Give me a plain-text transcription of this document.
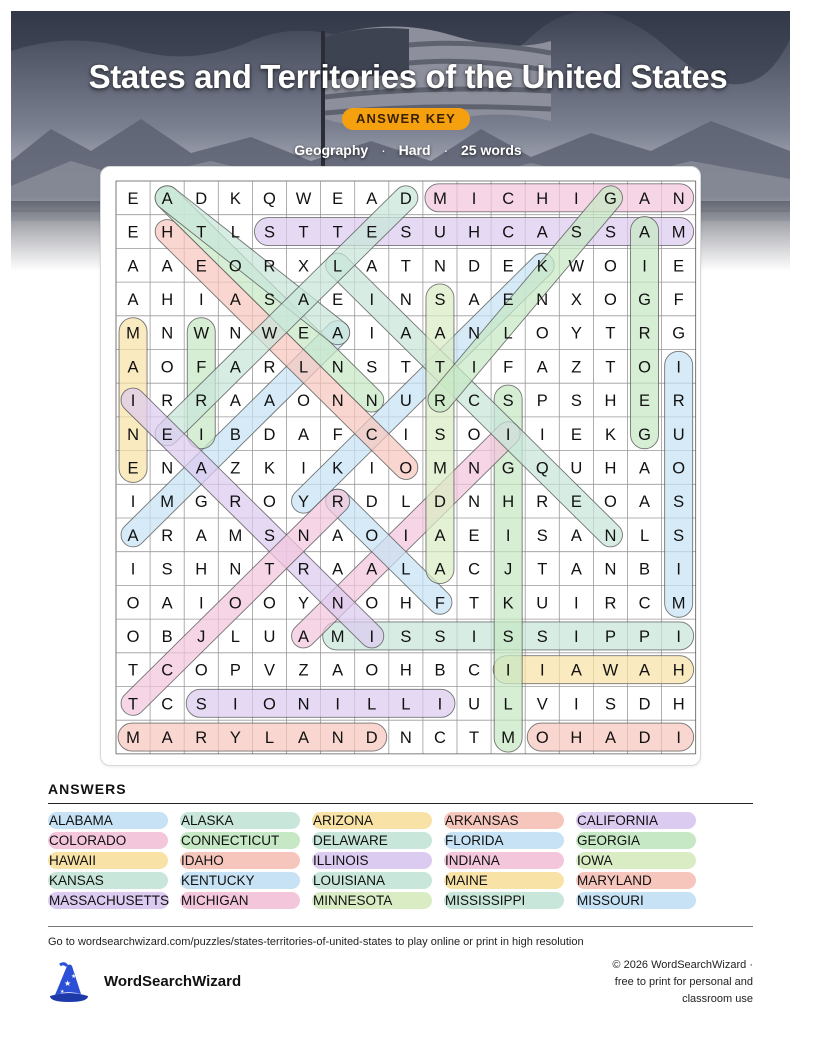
States and Territories of the United States
ANSWER KEY
Geography · Hard · 25 words
E A D K Q W E A D M I C H I G A N
E H T L S T T E S U H C A S S A M
A A E O R X L A T N D E K W O I E
A H I A S A E I N S A E N X O G F
M N W N W E A I A A N L O Y T R G
A O F A R L N S T T I F A Z T O I
I R R A A O N N U R C S P S H E R
N E I B D A F C I S O I I E K G U
E N A Z K I K I O M N G Q U H A O
I M G R O Y R D L D N H R E O A S
A R A M S N A O I A E I S A N L S
I S H N T R A A L A C J T A N B I
O A I O O Y N O H F T K U I R C M
O B J L U A M I S S I S S I P P I
T C O P V Z A O H B C I I A W A H
T C S I O N I L L I U L V I S D H
M A R Y L A N D N C T M O H A D I
ANSWERS
ALABAMA	ALASKA	ARIZONA	ARKANSAS	CALIFORNIA
COLORADO	CONNECTICUT	DELAWARE	FLORIDA	GEORGIA
HAWAII	IDAHO	ILLINOIS	INDIANA	IOWA
KANSAS	KENTUCKY	LOUISIANA	MAINE	MARYLAND
MASSACHUSETTS MICHIGAN	MINNESOTA	MISSISSIPPI	MISSOURI
Go to wordsearchwizard.com/puzzles/states-territories-of-united-states to play online or print in high resolution
★
★
★
WordSearchWizard
© 2026 WordSearchWizard ·
free to print for personal and
classroom use
